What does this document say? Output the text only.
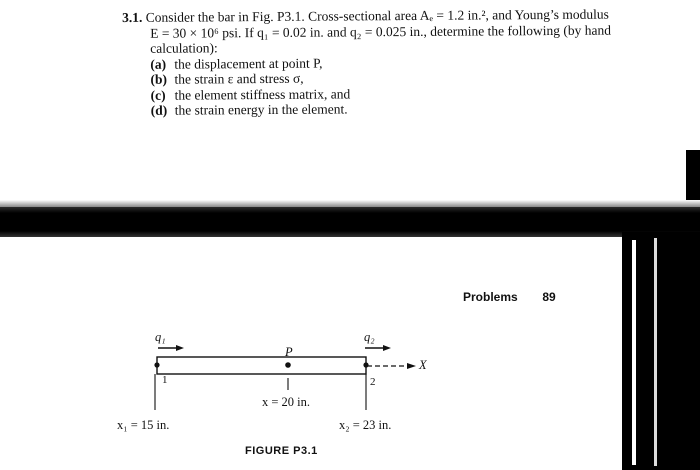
3.1. Consider the bar in Fig. P3.1. Cross-sectional area Aₑ = 1.2 in.², and Young’s modulus
E = 30 × 10⁶ psi. If q₁ = 0.02 in. and q₂ = 0.025 in., determine the following (by hand
calculation):
(a) the displacement at point P,
(b) the strain ε and stress σ,
(c) the element stiffness matrix, and
(d) the strain energy in the element.
Problems 89
q₁	q₂
P
1	2
X
x = 20 in.
x₁ = 15 in.	x₂ = 23 in.
FIGURE P3.1
